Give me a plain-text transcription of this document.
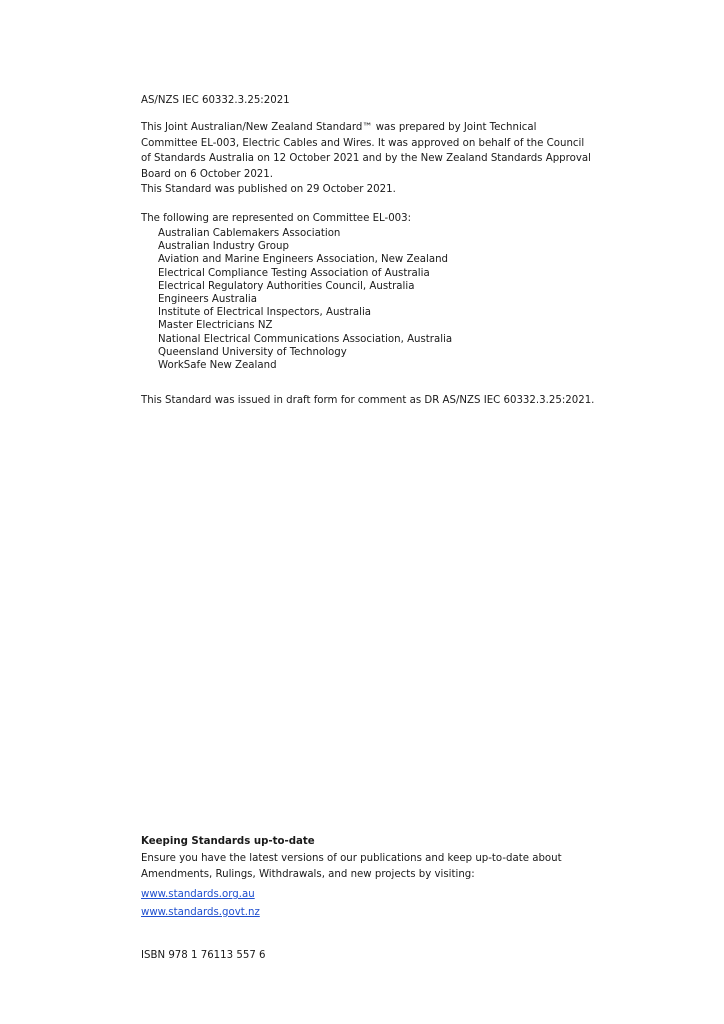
AS/NZS IEC 60332.3.25:2021
This Joint Australian/New Zealand Standard™ was prepared by Joint Technical Committee EL-003, Electric Cables and Wires. It was approved on behalf of the Council of Standards Australia on 12 October 2021 and by the New Zealand Standards Approval Board on 6 October 2021.
This Standard was published on 29 October 2021.
The following are represented on Committee EL-003:
Australian Cablemakers Association
Australian Industry Group
Aviation and Marine Engineers Association, New Zealand
Electrical Compliance Testing Association of Australia
Electrical Regulatory Authorities Council, Australia
Engineers Australia
Institute of Electrical Inspectors, Australia
Master Electricians NZ
National Electrical Communications Association, Australia
Queensland University of Technology
WorkSafe New Zealand
This Standard was issued in draft form for comment as DR AS/NZS IEC 60332.3.25:2021.
Keeping Standards up-to-date
Ensure you have the latest versions of our publications and keep up-to-date about Amendments, Rulings, Withdrawals, and new projects by visiting:
www.standards.org.au
www.standards.govt.nz
ISBN 978 1 76113 557 6
